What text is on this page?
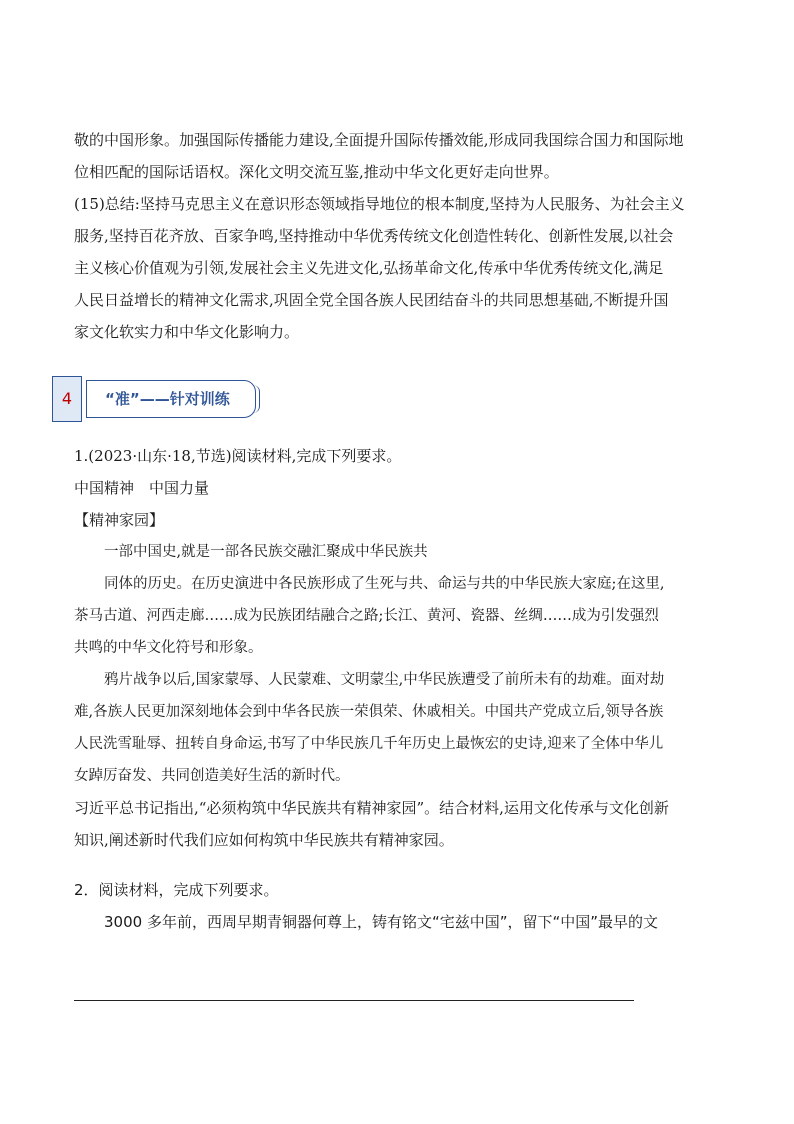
敬的中国形象。加强国际传播能力建设,全面提升国际传播效能,形成同我国综合国力和国际地
位相匹配的国际话语权。深化文明交流互鉴,推动中华文化更好走向世界。
(15)总结:坚持马克思主义在意识形态领域指导地位的根本制度,坚持为人民服务、为社会主义
服务,坚持百花齐放、百家争鸣,坚持推动中华优秀传统文化创造性转化、创新性发展,以社会
主义核心价值观为引领,发展社会主义先进文化,弘扬革命文化,传承中华优秀传统文化,满足
人民日益增长的精神文化需求,巩固全党全国各族人民团结奋斗的共同思想基础,不断提升国
家文化软实力和中华文化影响力。
4	“准”——针对训练
1.(2023·山东·18,节选)阅读材料,完成下列要求。
中国精神　中国力量
【精神家园】
一部中国史,就是一部各民族交融汇聚成中华民族共
同体的历史。在历史演进中各民族形成了生死与共、命运与共的中华民族大家庭;在这里,
茶马古道、河西走廊……成为民族团结融合之路;长江、黄河、瓷器、丝绸……成为引发强烈
共鸣的中华文化符号和形象。
鸦片战争以后,国家蒙辱、人民蒙难、文明蒙尘,中华民族遭受了前所未有的劫难。面对劫
难,各族人民更加深刻地体会到中华各民族一荣俱荣、休戚相关。中国共产党成立后,领导各族
人民洗雪耻辱、扭转自身命运,书写了中华民族几千年历史上最恢宏的史诗,迎来了全体中华儿
女踔厉奋发、共同创造美好生活的新时代。
习近平总书记指出,“必须构筑中华民族共有精神家园”。结合材料,运用文化传承与文化创新
知识,阐述新时代我们应如何构筑中华民族共有精神家园。
2．阅读材料，完成下列要求。
3000 多年前，西周早期青铜器何尊上，铸有铭文“宅兹中国”，留下“中国”最早的文
